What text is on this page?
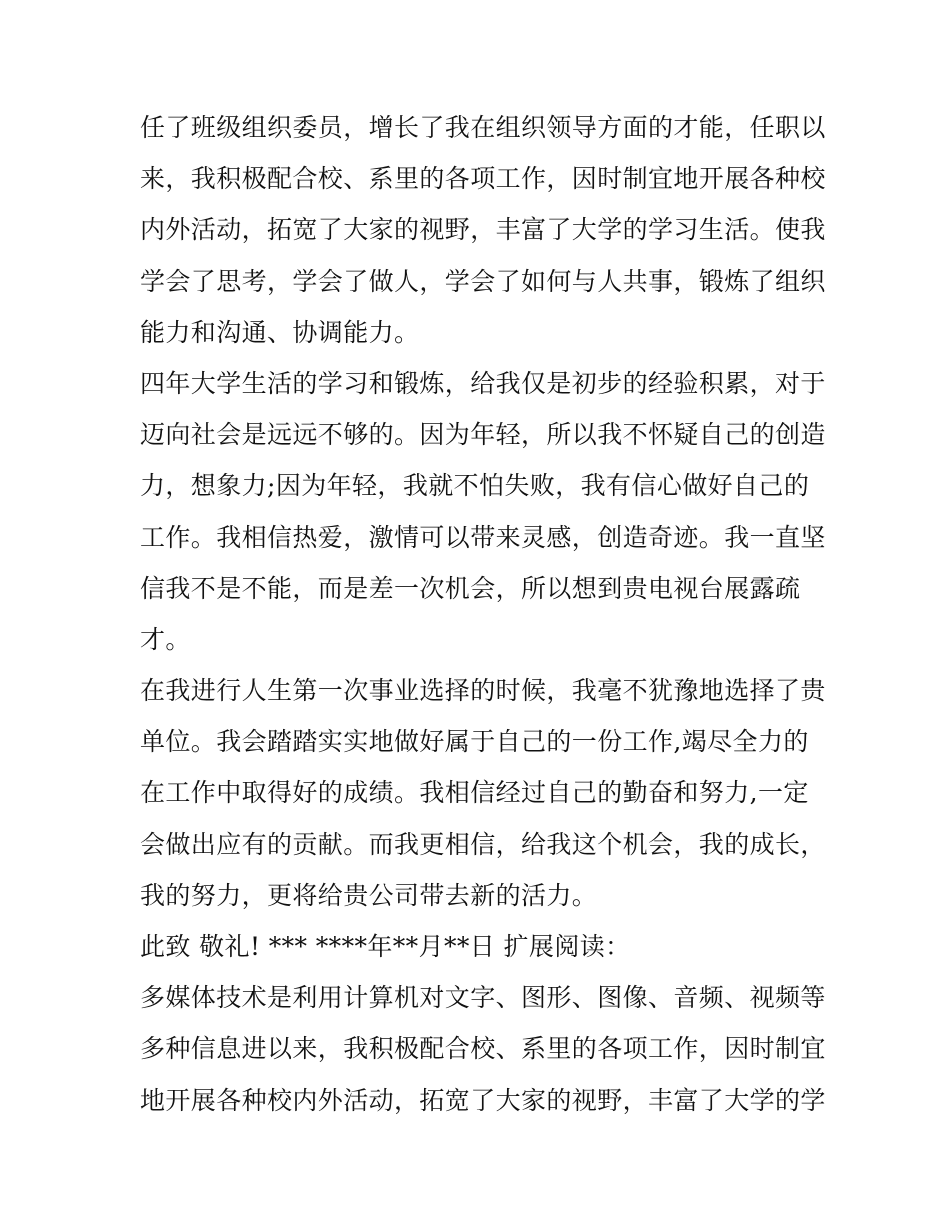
任了班级组织委员，增长了我在组织领导方面的才能，任职以
来，我积极配合校、系里的各项工作，因时制宜地开展各种校
内外活动，拓宽了大家的视野，丰富了大学的学习生活。使我
学会了思考，学会了做人，学会了如何与人共事，锻炼了组织
能力和沟通、协调能力。
四年大学生活的学习和锻炼，给我仅是初步的经验积累，对于
迈向社会是远远不够的。因为年轻，所以我不怀疑自己的创造
力，想象力;因为年轻，我就不怕失败，我有信心做好自己的
工作。我相信热爱，激情可以带来灵感，创造奇迹。我一直坚
信我不是不能，而是差一次机会，所以想到贵电视台展露疏
才。
在我进行人生第一次事业选择的时候，我毫不犹豫地选择了贵
单位。我会踏踏实实地做好属于自己的一份工作,竭尽全力的
在工作中取得好的成绩。我相信经过自己的勤奋和努力,一定
会做出应有的贡献。而我更相信，给我这个机会，我的成长，
我的努力，更将给贵公司带去新的活力。
此致 敬礼! *** ****年**月**日 扩展阅读：
多媒体技术是利用计算机对文字、图形、图像、音频、视频等
多种信息进以来，我积极配合校、系里的各项工作，因时制宜
地开展各种校内外活动，拓宽了大家的视野，丰富了大学的学
